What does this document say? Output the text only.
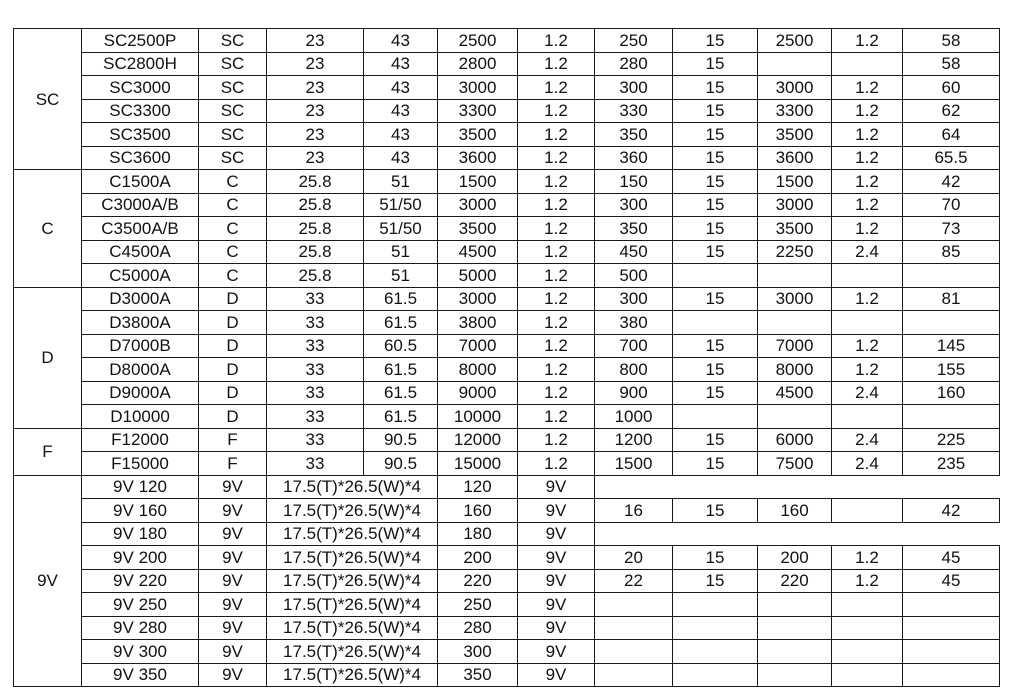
SC	SC2500P	SC	23	43	2500	1.2	250	15	2500	1.2	58
	SC2800H	SC	23	43	2800	1.2	280	15			58
	SC3000	SC	23	43	3000	1.2	300	15	3000	1.2	60
	SC3300	SC	23	43	3300	1.2	330	15	3300	1.2	62
	SC3500	SC	23	43	3500	1.2	350	15	3500	1.2	64
	SC3600	SC	23	43	3600	1.2	360	15	3600	1.2	65.5
C	C1500A	C	25.8	51	1500	1.2	150	15	1500	1.2	42
	C3000A/B	C	25.8	51/50	3000	1.2	300	15	3000	1.2	70
	C3500A/B	C	25.8	51/50	3500	1.2	350	15	3500	1.2	73
	C4500A	C	25.8	51	4500	1.2	450	15	2250	2.4	85
	C5000A	C	25.8	51	5000	1.2	500				
D	D3000A	D	33	61.5	3000	1.2	300	15	3000	1.2	81
	D3800A	D	33	61.5	3800	1.2	380				
	D7000B	D	33	60.5	7000	1.2	700	15	7000	1.2	145
	D8000A	D	33	61.5	8000	1.2	800	15	8000	1.2	155
	D9000A	D	33	61.5	9000	1.2	900	15	4500	2.4	160
	D10000	D	33	61.5	10000	1.2	1000				
F	F12000	F	33	90.5	12000	1.2	1200	15	6000	2.4	225
	F15000	F	33	90.5	15000	1.2	1500	15	7500	2.4	235
9V	9V 120	9V	17.5(T)*26.5(W)*4		120	9V					
	9V 160	9V	17.5(T)*26.5(W)*4		160	9V	16	15	160		42
	9V 180	9V	17.5(T)*26.5(W)*4		180	9V					
	9V 200	9V	17.5(T)*26.5(W)*4		200	9V	20	15	200	1.2	45
	9V 220	9V	17.5(T)*26.5(W)*4		220	9V	22	15	220	1.2	45
	9V 250	9V	17.5(T)*26.5(W)*4		250	9V					
	9V 280	9V	17.5(T)*26.5(W)*4		280	9V					
	9V 300	9V	17.5(T)*26.5(W)*4		300	9V					
	9V 350	9V	17.5(T)*26.5(W)*4		350	9V					
